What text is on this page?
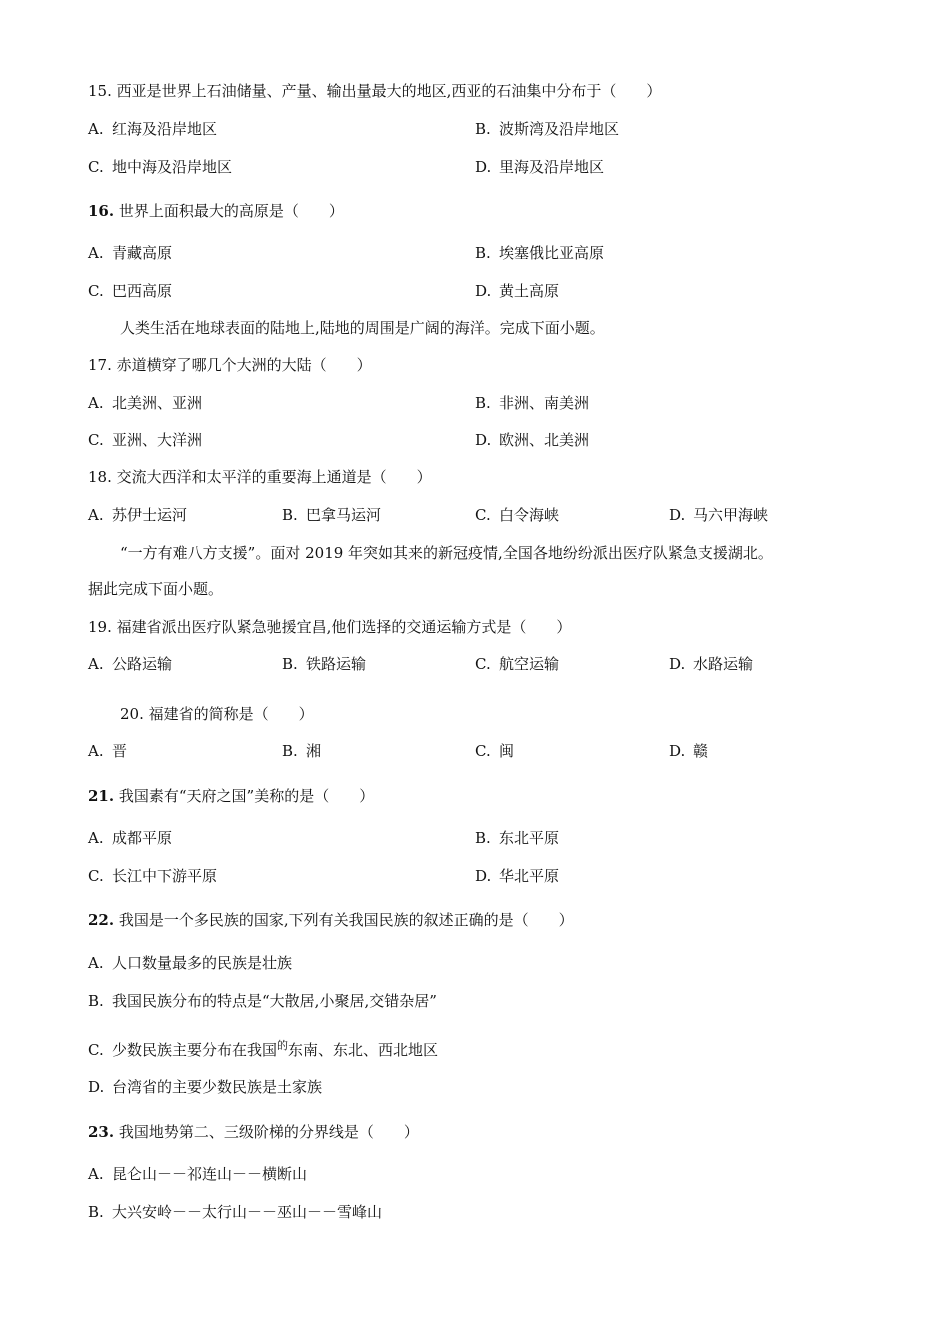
15. 西亚是世界上石油储量、产量、输出量最大的地区,西亚的石油集中分布于（　　）
A. 红海及沿岸地区	B. 波斯湾及沿岸地区
C. 地中海及沿岸地区	D. 里海及沿岸地区
16. 世界上面积最大的高原是（　　）
A. 青藏高原	B. 埃塞俄比亚高原
C. 巴西高原	D. 黄土高原
人类生活在地球表面的陆地上,陆地的周围是广阔的海洋。完成下面小题。
17. 赤道横穿了哪几个大洲的大陆（　　）
A. 北美洲、亚洲	B. 非洲、南美洲
C. 亚洲、大洋洲	D. 欧洲、北美洲
18. 交流大西洋和太平洋的重要海上通道是（　　）
A. 苏伊士运河	B. 巴拿马运河	C. 白令海峡	D. 马六甲海峡
“一方有难八方支援”。面对 2019 年突如其来的新冠疫情,全国各地纷纷派出医疗队紧急支援湖北。
据此完成下面小题。
19. 福建省派出医疗队紧急驰援宜昌,他们选择的交通运输方式是（　　）
A. 公路运输	B. 铁路运输	C. 航空运输	D. 水路运输
20. 福建省的简称是（　　）
A. 晋	B. 湘	C. 闽	D. 赣
21. 我国素有“天府之国”美称的是（　　）
A. 成都平原	B. 东北平原
C. 长江中下游平原	D. 华北平原
22. 我国是一个多民族的国家,下列有关我国民族的叙述正确的是（　　）
A. 人口数量最多的民族是壮族
B. 我国民族分布的特点是“大散居,小聚居,交错杂居”
C. 少数民族主要分布在我国$^的$东南、东北、西北地区
D. 台湾省的主要少数民族是土家族
23. 我国地势第二、三级阶梯的分界线是（　　）
A. 昆仑山－－祁连山－－横断山
B. 大兴安岭－－太行山－－巫山－－雪峰山
